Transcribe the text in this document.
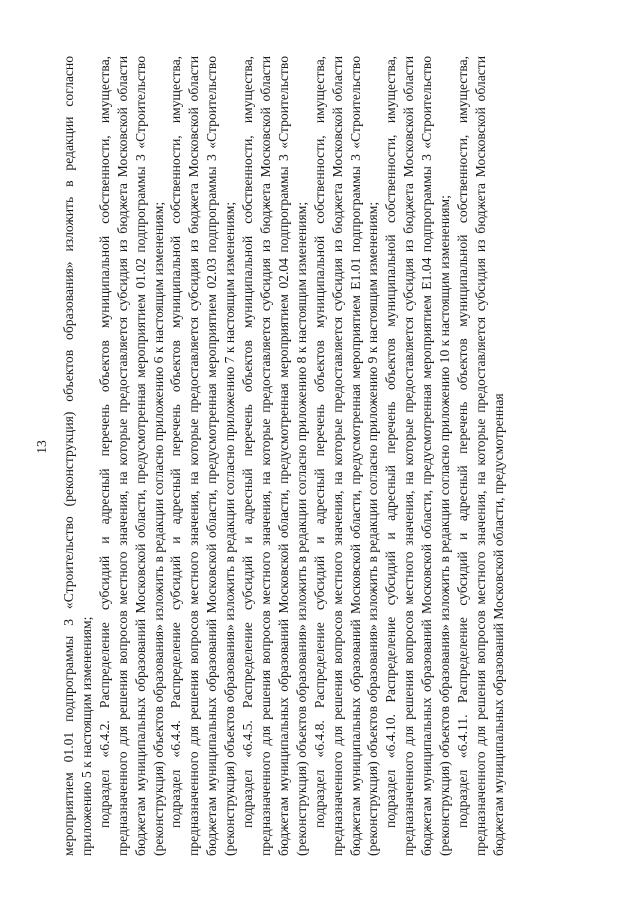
13 мероприятием 01.01 подпрограммы 3 «Строительство (реконструкция) объектов образования» изложить в редакции согласно приложению 5 к настоящим изменениям; подраздел «6.4.2. Распределение субсидий и адресный перечень объектов муниципальной собственности, имущества, предназначенного для решения вопросов местного значения, на которые предоставляется субсидия из бюджета Московской области бюджетам муниципальных образований Московской области, предусмотренная мероприятием 01.02 подпрограммы 3 «Строительство (реконструкция) объектов образования» изложить в редакции согласно приложению 6 к настоящим изменениям; подраздел «6.4.4. Распределение субсидий и адресный перечень объектов муниципальной собственности, имущества, предназначенного для решения вопросов местного значения, на которые предоставляется субсидия из бюджета Московской области бюджетам муниципальных образований Московской области, предусмотренная мероприятием 02.03 подпрограммы 3 «Строительство (реконструкция) объектов образования» изложить в редакции согласно приложению 7 к настоящим изменениям; подраздел «6.4.5. Распределение субсидий и адресный перечень объектов муниципальной собственности, имущества, предназначенного для решения вопросов местного значения, на которые предоставляется субсидия из бюджета Московской области бюджетам муниципальных образований Московской области, предусмотренная мероприятием 02.04 подпрограммы 3 «Строительство (реконструкция) объектов образования» изложить в редакции согласно приложению 8 к настоящим изменениям; подраздел «6.4.8. Распределение субсидий и адресный перечень объектов муниципальной собственности, имущества, предназначенного для решения вопросов местного значения, на которые предоставляется субсидия из бюджета Московской области бюджетам муниципальных образований Московской области, предусмотренная мероприятием Е1.01 подпрограммы 3 «Строительство (реконструкция) объектов образования» изложить в редакции согласно приложению 9 к настоящим изменениям; подраздел «6.4.10. Распределение субсидий и адресный перечень объектов муниципальной собственности, имущества, предназначенного для решения вопросов местного значения, на которые предоставляется субсидия из бюджета Московской области бюджетам муниципальных образований Московской области, предусмотренная мероприятием Е1.04 подпрограммы 3 «Строительство (реконструкция) объектов образования» изложить в редакции согласно приложению 10 к настоящим изменениям; подраздел «6.4.11. Распределение субсидий и адресный перечень объектов муниципальной собственности, имущества, предназначенного для решения вопросов местного значения, на которые предоставляется субсидия из бюджета Московской области бюджетам муниципальных образований Московской области, предусмотренная
